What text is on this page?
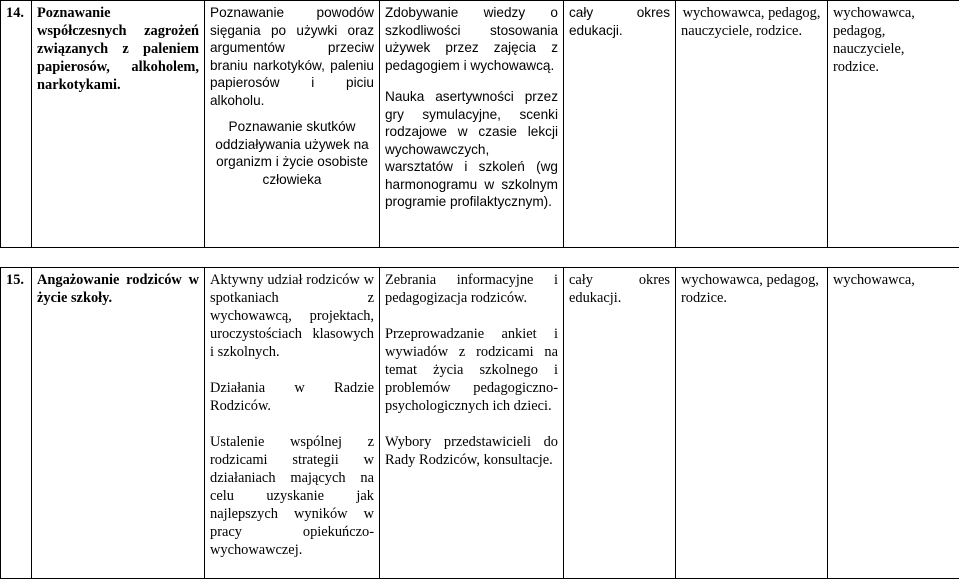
14.	Poznawanie współczesnych zagrożeń związanych z paleniem papierosów, alkoholem, narkotykami.

Poznawanie powodów sięgania po używki oraz argumentów przeciw braniu narkotyków, paleniu papierosów i piciu alkoholu.
Poznawanie skutków oddziaływania używek na organizm i życie osobiste człowieka

Zdobywanie wiedzy o szkodliwości stosowania używek przez zajęcia z pedagogiem i wychowawcą.
Nauka asertywności przez gry symulacyjne, scenki rodzajowe w czasie lekcji wychowawczych, warsztatów i szkoleń (wg harmonogramu w szkolnym programie profilaktycznym).

cały okres edukacji.

wychowawca, pedagog, nauczyciele, rodzice.

wychowawca, pedagog, nauczyciele, rodzice.
15.	Angażowanie rodziców w życie szkoły.

Aktywny udział rodziców w spotkaniach z wychowawcą, projektach, uroczystościach klasowych i szkolnych.
Działania w Radzie Rodziców.
Ustalenie wspólnej z rodzicami strategii w działaniach mających na celu uzyskanie jak najlepszych wyników w pracy opiekuńczo-wychowawczej.

Zebrania informacyjne i pedagogizacja rodziców.
Przeprowadzanie ankiet i wywiadów z rodzicami na temat życia szkolnego i problemów pedagogiczno-psychologicznych ich dzieci.
Wybory przedstawicieli do Rady Rodziców, konsultacje.

cały okres edukacji.

wychowawca, pedagog, rodzice.

wychowawca,
